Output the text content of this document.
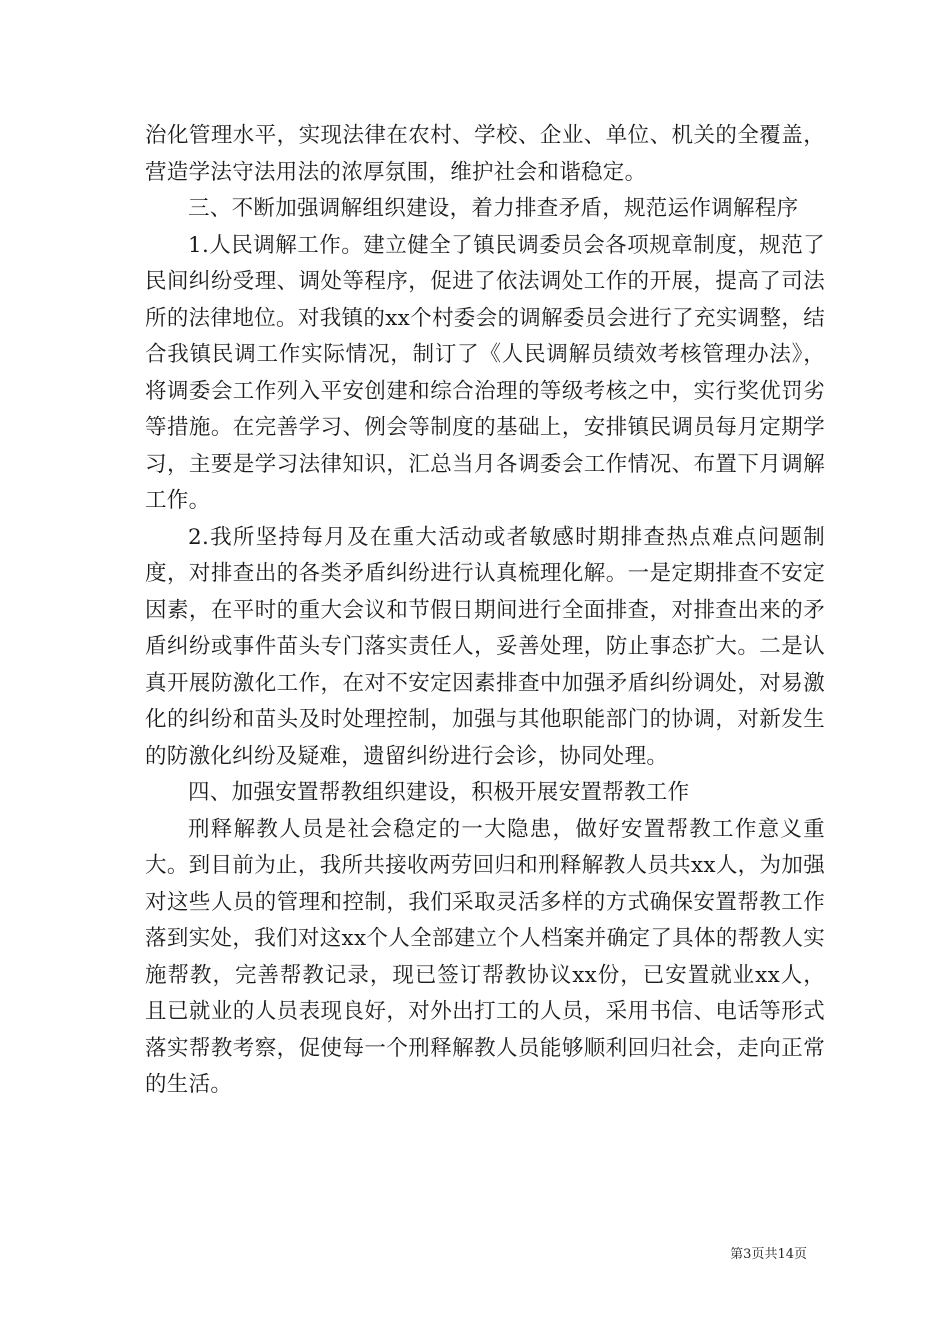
治化管理水平，实现法律在农村、学校、企业、单位、机关的全覆盖，营造学法守法用法的浓厚氛围，维护社会和谐稳定。

三、不断加强调解组织建设，着力排查矛盾，规范运作调解程序

1.人民调解工作。建立健全了镇民调委员会各项规章制度，规范了民间纠纷受理、调处等程序，促进了依法调处工作的开展，提高了司法所的法律地位。对我镇的xx个村委会的调解委员会进行了充实调整，结合我镇民调工作实际情况，制订了《人民调解员绩效考核管理办法》，将调委会工作列入平安创建和综合治理的等级考核之中，实行奖优罚劣等措施。在完善学习、例会等制度的基础上，安排镇民调员每月定期学习，主要是学习法律知识，汇总当月各调委会工作情况、布置下月调解工作。

2.我所坚持每月及在重大活动或者敏感时期排查热点难点问题制度，对排查出的各类矛盾纠纷进行认真梳理化解。一是定期排查不安定因素，在平时的重大会议和节假日期间进行全面排查，对排查出来的矛盾纠纷或事件苗头专门落实责任人，妥善处理，防止事态扩大。二是认真开展防激化工作，在对不安定因素排查中加强矛盾纠纷调处，对易激化的纠纷和苗头及时处理控制，加强与其他职能部门的协调，对新发生的防激化纠纷及疑难，遗留纠纷进行会诊，协同处理。

四、加强安置帮教组织建设，积极开展安置帮教工作

刑释解教人员是社会稳定的一大隐患，做好安置帮教工作意义重大。到目前为止，我所共接收两劳回归和刑释解教人员共xx人，为加强对这些人员的管理和控制，我们采取灵活多样的方式确保安置帮教工作落到实处，我们对这xx个人全部建立个人档案并确定了具体的帮教人实施帮教，完善帮教记录，现已签订帮教协议xx份，已安置就业xx人，且已就业的人员表现良好，对外出打工的人员，采用书信、电话等形式落实帮教考察，促使每一个刑释解教人员能够顺利回归社会，走向正常的生活。

第3页共14页
